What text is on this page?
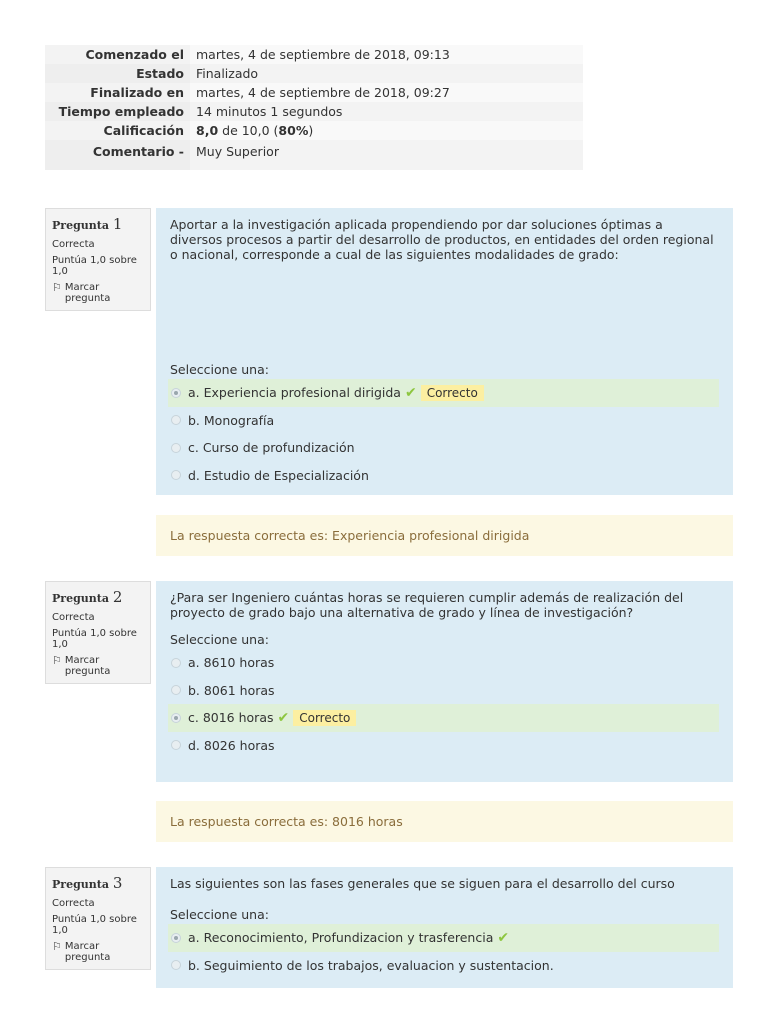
Comenzado el	martes, 4 de septiembre de 2018, 09:13
Estado	Finalizado
Finalizado en	martes, 4 de septiembre de 2018, 09:27
Tiempo empleado	14 minutos 1 segundos
Calificación	8,0 de 10,0 (80%)
Comentario -	Muy Superior
Pregunta 1
Correcta
Puntúa 1,0 sobre 1,0
⚐ Marcar pregunta
Aportar a la investigación aplicada propendiendo por dar soluciones óptimas a diversos procesos a partir del desarrollo de productos, en entidades del orden regional o nacional, corresponde a cual de las siguientes modalidades de grado:
Seleccione una:
a. Experiencia profesional dirigida ✔ Correcto
b. Monografía
c. Curso de profundización
d. Estudio de Especialización
La respuesta correcta es: Experiencia profesional dirigida
Pregunta 2
Correcta
Puntúa 1,0 sobre 1,0
⚐ Marcar pregunta
¿Para ser Ingeniero cuántas horas se requieren cumplir además de realización del proyecto de grado bajo una alternativa de grado y línea de investigación?
Seleccione una:
a. 8610 horas
b. 8061 horas
c. 8016 horas ✔ Correcto
d. 8026 horas
La respuesta correcta es: 8016 horas
Pregunta 3
Correcta
Puntúa 1,0 sobre 1,0
⚐ Marcar pregunta
Las siguientes son las fases generales que se siguen para el desarrollo del curso
Seleccione una:
a. Reconocimiento, Profundizacion y trasferencia ✔
b. Seguimiento de los trabajos, evaluacion y sustentacion.
